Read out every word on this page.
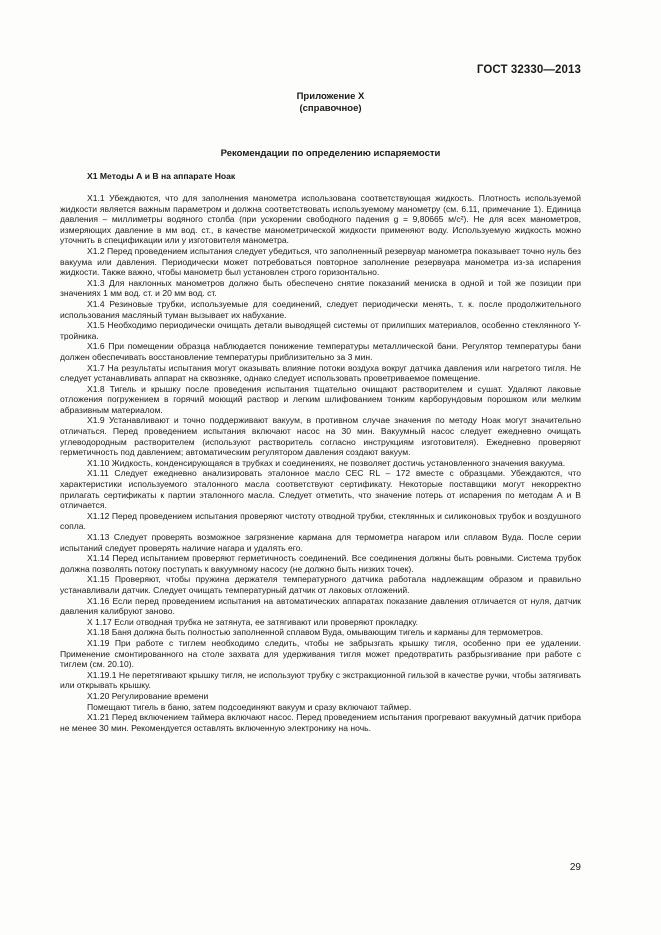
ГОСТ 32330—2013
Приложение Х
(справочное)
Рекомендации по определению испаряемости
Х1 Методы А и В на аппарате Ноак

Х1.1 Убеждаются, что для заполнения манометра использована соответствующая жидкость. Плотность используемой жидкости является важным параметром и должна соответствовать используемому манометру (см. 6.11, примечание 1). Единица давления – миллиметры водяного столба (при ускорении свободного падения g = 9,80665 м/с²). Не для всех манометров, измеряющих давление в мм вод. ст., в качестве манометрической жидкости применяют воду. Используемую жидкость можно уточнить в спецификации или у изготовителя манометра.

Х1.2 Перед проведением испытания следует убедиться, что заполненный резервуар манометра показывает точно нуль без вакуума или давления. Периодически может потребоваться повторное заполнение резервуара манометра из-за испарения жидкости. Также важно, чтобы манометр был установлен строго горизонтально.

Х1.3 Для наклонных манометров должно быть обеспечено снятие показаний мениска в одной и той же позиции при значениях 1 мм вод. ст. и 20 мм вод. ст.

Х1.4 Резиновые трубки, используемые для соединений, следует периодически менять, т. к. после продолжительного использования масляный туман вызывает их набухание.

Х1.5 Необходимо периодически очищать детали выводящей системы от прилипших материалов, особенно стеклянного Y-тройника.

Х1.6 При помещении образца наблюдается понижение температуры металлической бани. Регулятор температуры бани должен обеспечивать восстановление температуры приблизительно за 3 мин.

Х1.7 На результаты испытания могут оказывать влияние потоки воздуха вокруг датчика давления или нагретого тигля. Не следует устанавливать аппарат на сквозняке, однако следует использовать проветриваемое помещение.

Х1.8 Тигель и крышку после проведения испытания тщательно очищают растворителем и сушат. Удаляют лаковые отложения погружением в горячий моющий раствор и легким шлифованием тонким карборундовым порошком или мелким абразивным материалом.

Х1.9 Устанавливают и точно поддерживают вакуум, в противном случае значения по методу Ноак могут значительно отличаться. Перед проведением испытания включают насос на 30 мин. Вакуумный насос следует ежедневно очищать углеводородным растворителем (используют растворитель согласно инструкциям изготовителя). Ежедневно проверяют герметичность под давлением; автоматическим регулятором давления создают вакуум.

Х1.10 Жидкость, конденсирующаяся в трубках и соединениях, не позволяет достичь установленного значения вакуума.

Х1.11 Следует ежедневно анализировать эталонное масло СЕС RL – 172 вместе с образцами. Убеждаются, что характеристики используемого эталонного масла соответствуют сертификату. Некоторые поставщики могут некорректно прилагать сертификаты к партии эталонного масла. Следует отметить, что значение потерь от испарения по методам А и В отличается.

Х1.12 Перед проведением испытания проверяют чистоту отводной трубки, стеклянных и силиконовых трубок и воздушного сопла.

Х1.13 Следует проверять возможное загрязнение кармана для термометра нагаром или сплавом Вуда. После серии испытаний следует проверять наличие нагара и удалять его.

Х1.14 Перед испытанием проверяют герметичность соединений. Все соединения должны быть ровными. Система трубок должна позволять потоку поступать к вакуумному насосу (не должно быть низких точек).

Х1.15 Проверяют, чтобы пружина держателя температурного датчика работала надлежащим образом и правильно устанавливали датчик. Следует очищать температурный датчик от лаковых отложений.

Х1.16 Если перед проведением испытания на автоматических аппаратах показание давления отличается от нуля, датчик давления калибруют заново.

Х 1.17 Если отводная трубка не затянута, ее затягивают или проверяют прокладку.

Х1.18 Баня должна быть полностью заполненной сплавом Вуда, омывающим тигель и карманы для термометров.

Х1.19 При работе с тиглем необходимо следить, чтобы не забрызгать крышку тигля, особенно при ее удалении. Применение смонтированного на столе захвата для удерживания тигля может предотвратить разбрызгивание при работе с тиглем (см. 20.10).

Х1.19.1 Не перетягивают крышку тигля, не используют трубку с экстракционной гильзой в качестве ручки, чтобы затягивать или открывать крышку.

Х1.20 Регулирование времени

Помещают тигель в баню, затем подсоединяют вакуум и сразу включают таймер.

Х1.21 Перед включением таймера включают насос. Перед проведением испытания прогревают вакуумный датчик прибора не менее 30 мин. Рекомендуется оставлять включенную электронику на ночь.

29
